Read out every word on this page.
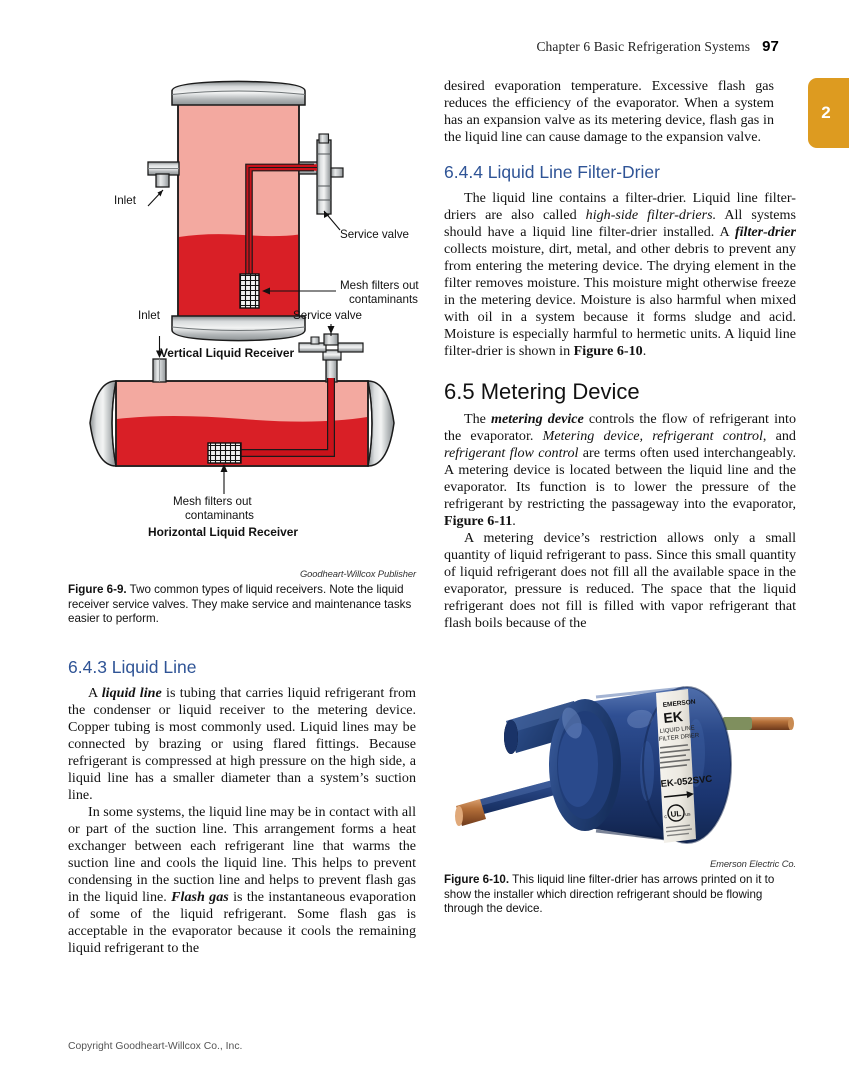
Chapter 6 Basic Refrigeration Systems 97
2
Inlet
Service valve
Mesh filters out
contaminants
Vertical Liquid Receiver
Inlet	Service valve
Mesh filters out
contaminants
Horizontal Liquid Receiver
Goodheart-Willcox Publisher
Figure 6-9. Two common types of liquid receivers. Note the liquid receiver service valves. They make service and maintenance tasks easier to perform.
6.4.3 Liquid Line

A liquid line is tubing that carries liquid refrigerant from the condenser or liquid receiver to the metering device. Copper tubing is most commonly used. Liquid lines may be connected by brazing or using flared fittings. Because refrigerant is compressed at high pressure on the high side, a liquid line has a smaller diameter than a system’s suction line.

In some systems, the liquid line may be in contact with all or part of the suction line. This arrangement forms a heat exchanger between each refrigerant line that warms the suction line and cools the liquid line. This helps to prevent condensing in the suction line and helps to prevent flash gas in the liquid line. Flash gas is the instantaneous evaporation of some of the liquid refrigerant. Some flash gas is acceptable in the evaporator because it cools the remaining liquid refrigerant to the

desired evaporation temperature. Excessive flash gas reduces the efficiency of the evaporator. When a system has an expansion valve as its metering device, flash gas in the liquid line can cause damage to the expansion valve.

6.4.4 Liquid Line Filter-Drier

The liquid line contains a filter-drier. Liquid line filter-driers are also called high-side filter-driers. All systems should have a liquid line filter-drier installed. A filter-drier collects moisture, dirt, metal, and other debris to prevent any from entering the metering device. The drying element in the filter removes moisture. This moisture might otherwise freeze in the metering device. Moisture is also harmful when mixed with oil in a system because it forms sludge and acid. Moisture is especially harmful to hermetic units. A liquid line filter-drier is shown in Figure 6-10.

6.5 Metering Device

The metering device controls the flow of refrigerant into the evaporator. Metering device, refrigerant control, and refrigerant flow control are terms often used interchangeably. A metering device is located between the liquid line and the evaporator. Its function is to lower the pressure of the refrigerant by restricting the passageway into the evaporator, Figure 6-11.

A metering device’s restriction allows only a small quantity of liquid refrigerant to pass. Since this small quantity of liquid refrigerant does not fill all the available space in the evaporator, pressure is reduced. The space that the liquid refrigerant does not fill is filled with vapor refrigerant that flash boils because of the

EMERSON
EK
LIQUID LINE
FILTER DRIER
EK-052SVC
UL
c	us
Emerson Electric Co.
Figure 6-10. This liquid line filter-drier has arrows printed on it to show the installer which direction refrigerant should be flowing through the device.
Copyright Goodheart-Willcox Co., Inc.
